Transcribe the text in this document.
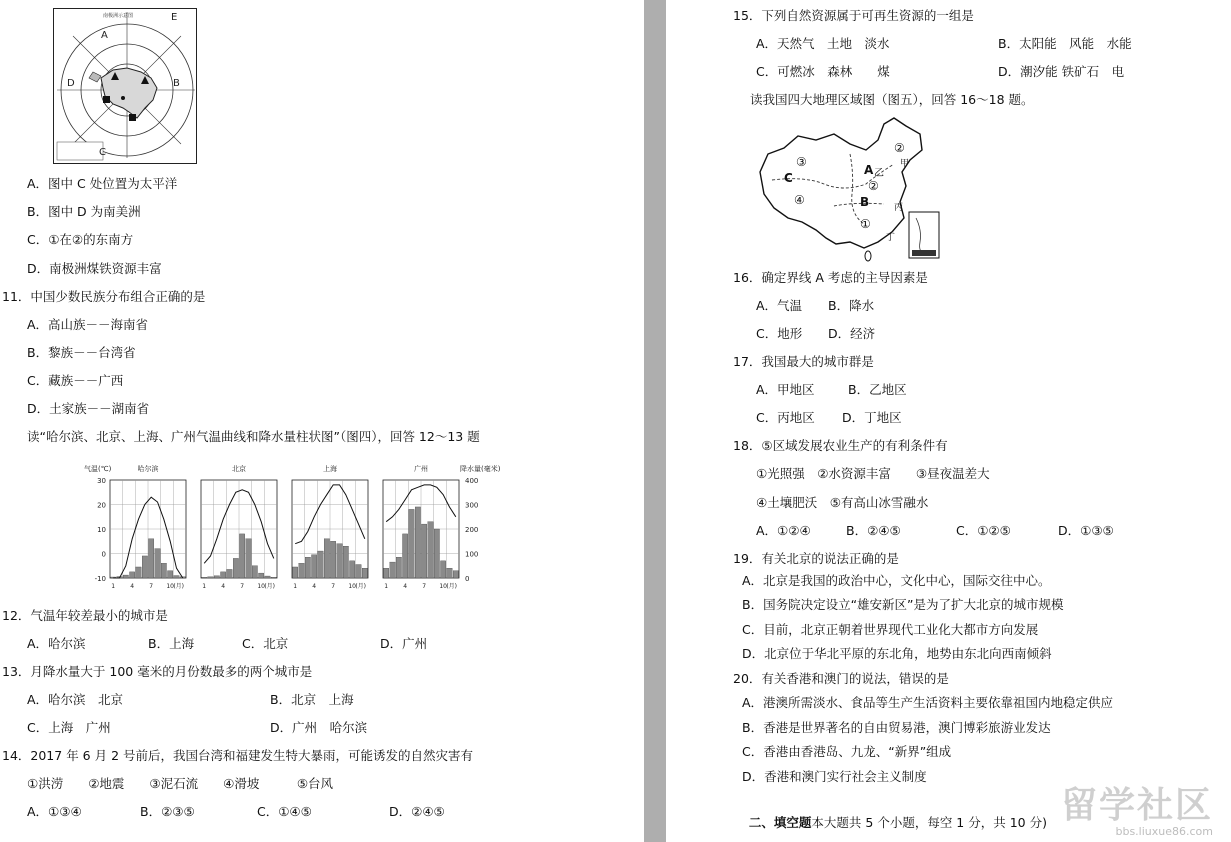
南极洲示意图	E
A
B
C
D
A．图中 C 处位置为太平洋
B．图中 D 为南美洲
C．①在②的东南方
D．南极洲煤铁资源丰富
11．中国少数民族分布组合正确的是
A．高山族－－海南省
B．黎族－－台湾省
C．藏族－－广西
D．土家族－－湖南省
读“哈尔滨、北京、上海、广州气温曲线和降水量柱状图”（图四），回答 12～13 题
气温(℃)	降水量(毫米)
30
20
10
0
-10
400
300
200
100
0
哈尔滨
1	4	7 10 (月)
北京
1	4	7 10 (月)
上海
1	4	7 10 (月)
广州
1	4	7 10 (月)
12．气温年较差最小的城市是
A．哈尔滨	B．上海	C．北京	D．广州
13．月降水量大于 100 毫米的月份数最多的两个城市是
A．哈尔滨　北京	B．北京　上海
C．上海　广州	D．广州　哈尔滨
14．2017 年 6 月 2 号前后，我国台湾和福建发生特大暴雨，可能诱发的自然灾害有
①洪涝　　②地震　　③泥石流　　④滑坡　　　⑤台风
A．①③④	B．②③⑤	C．①④⑤	D．②④⑤
15．下列自然资源属于可再生资源的一组是
A．天然气　土地　淡水	B．太阳能　风能　水能
C．可燃冰　森林　　煤	D．潮汐能 铁矿石　电
读我国四大地理区域图（图五），回答 16～18 题。
③
C
A 乙
②
甲
②
B	丙
④
①
丁
16．确定界线 A 考虑的主导因素是
A．气温 B．降水
C．地形 D．经济
17．我国最大的城市群是
A．甲地区	B．乙地区
C．丙地区 D．丁地区
18．⑤区域发展农业生产的有利条件有
①光照强　②水资源丰富　　③昼夜温差大
④土壤肥沃　⑤有高山冰雪融水
A．①②④	B．②④⑤	C．①②⑤	D．①③⑤
19．有关北京的说法正确的是
A．北京是我国的政治中心，文化中心，国际交往中心。
B．国务院决定设立“雄安新区”是为了扩大北京的城市规模
C．目前，北京正朝着世界现代工业化大都市方向发展
D．北京位于华北平原的东北角，地势由东北向西南倾斜
20．有关香港和澳门的说法，错误的是
A．港澳所需淡水、食品等生产生活资料主要依靠祖国内地稳定供应
B．香港是世界著名的自由贸易港，澳门博彩旅游业发达
C．香港由香港岛、九龙、“新界”组成
D．香港和澳门实行社会主义制度

二、填空题本大题共 5 个小题，每空 1 分，共 10 分)
留学社区
bbs.liuxue86.com
